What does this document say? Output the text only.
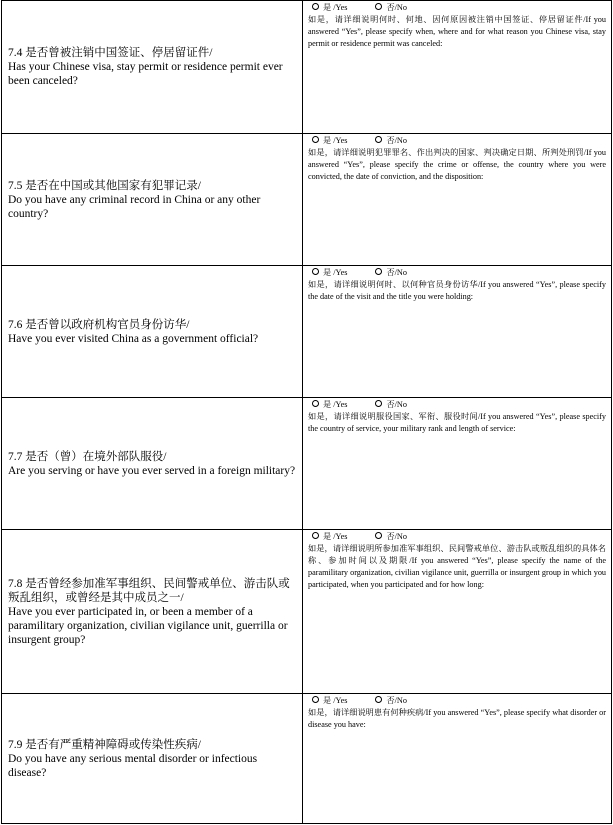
7.4 是否曾被注销中国签证、停居留证件/
Has your Chinese visa, stay permit or residence permit ever been canceled?	是 /Yes 否/No
如是，请详细说明何时、何地、因何原因被注销中国签证、停居留证件/If you answered “Yes”, please specify when, where and for what reason you Chinese visa, stay permit or residence permit was canceled:

7.5 是否在中国或其他国家有犯罪记录/
Do you have any criminal record in China or any other country?	是 /Yes 否/No
如是，请详细说明犯罪罪名、作出判决的国家、判决确定日期、所判处刑罚/If you answered “Yes”, please specify the crime or offense, the country where you were convicted, the date of conviction, and the disposition:

7.6 是否曾以政府机构官员身份访华/
Have you ever visited China as a government official?	是 /Yes 否/No
如是，请详细说明何时、以何种官员身份访华/If you answered “Yes”, please specify the date of the visit and the title you were holding:

7.7 是否（曾）在境外部队服役/
Are you serving or have you ever served in a foreign military?	是 /Yes 否/No
如是，请详细说明服役国家、军衔、服役时间/If you answered “Yes”, please specify the country of service, your military rank and length of service:

7.8 是否曾经参加准军事组织、民间警戒单位、游击队或叛乱组织，或曾经是其中成员之一/
Have you ever participated in, or been a member of a paramilitary organization, civilian vigilance unit, guerrilla or insurgent group?	是 /Yes 否/No
如是，请详细说明所参加准军事组织、民间警戒单位、游击队或叛乱组织的具体名称、参加时间以及期限/If you answered “Yes”, please specify the name of the paramilitary organization, civilian vigilance unit, guerrilla or insurgent group in which you participated, when you participated and for how long:

7.9 是否有严重精神障碍或传染性疾病/
Do you have any serious mental disorder or infectious disease?	是 /Yes 否/No
如是，请详细说明患有何种疾病/If you answered “Yes”, please specify what disorder or disease you have:
